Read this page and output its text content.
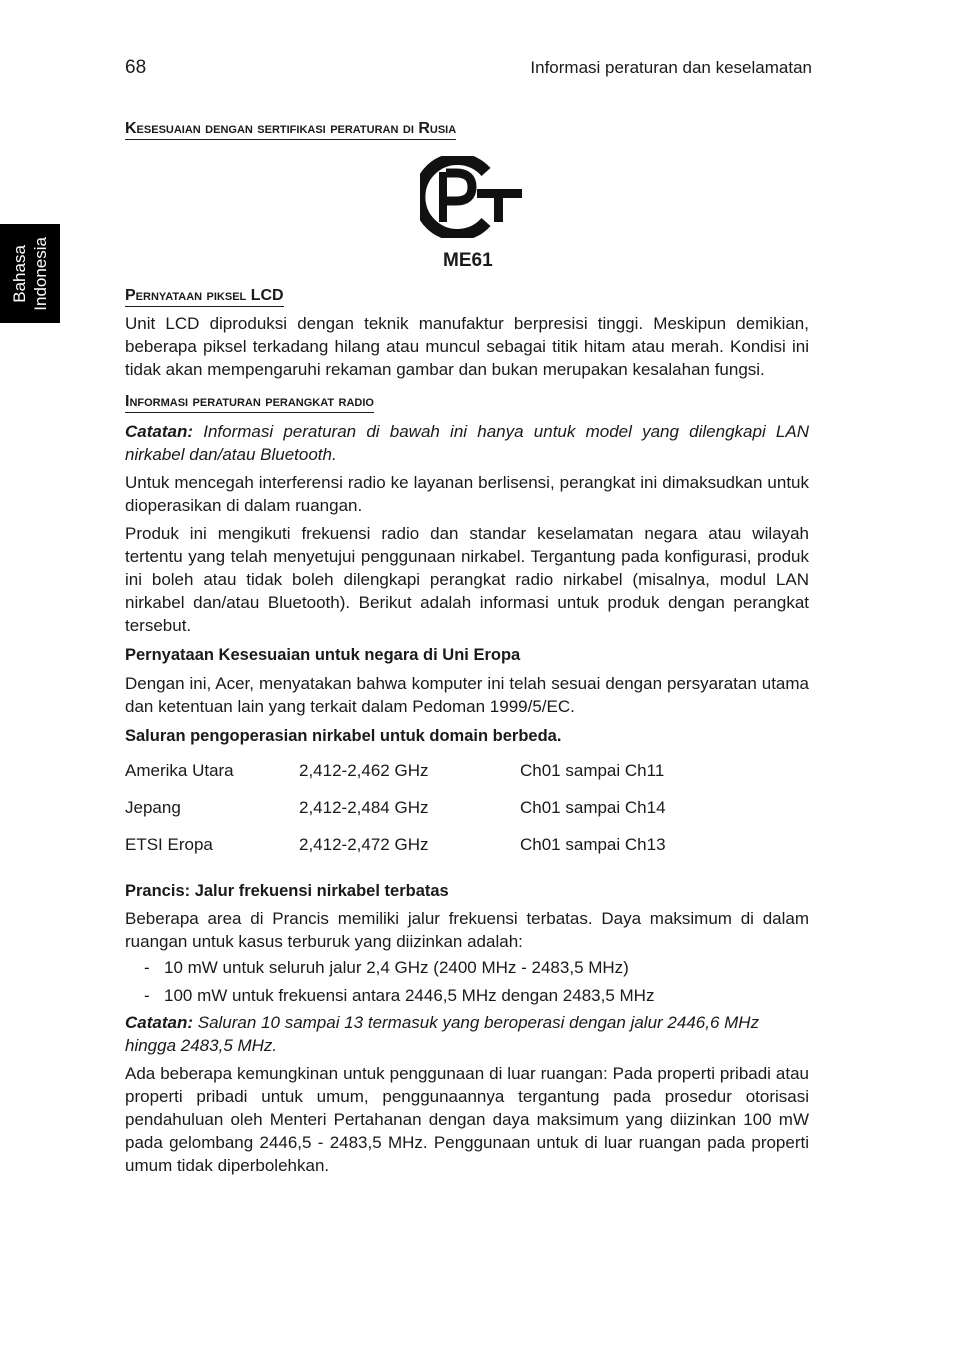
68	Informasi peraturan dan keselamatan
Bahasa
Indonesia
Kesesuaian dengan sertifikasi peraturan di Rusia
ME61
Pernyataan piksel LCD

Unit LCD diproduksi dengan teknik manufaktur berpresisi tinggi. Meskipun demikian, beberapa piksel terkadang hilang atau muncul sebagai titik hitam atau merah. Kondisi ini tidak akan mempengaruhi rekaman gambar dan bukan merupakan kesalahan fungsi.

Informasi peraturan perangkat radio

Catatan: Informasi peraturan di bawah ini hanya untuk model yang dilengkapi LAN nirkabel dan/atau Bluetooth.

Untuk mencegah interferensi radio ke layanan berlisensi, perangkat ini dimaksudkan untuk dioperasikan di dalam ruangan.

Produk ini mengikuti frekuensi radio dan standar keselamatan negara atau wilayah tertentu yang telah menyetujui penggunaan nirkabel. Tergantung pada konfigurasi, produk ini boleh atau tidak boleh dilengkapi perangkat radio nirkabel (misalnya, modul LAN nirkabel dan/atau Bluetooth). Berikut adalah informasi untuk produk dengan perangkat tersebut.

Pernyataan Kesesuaian untuk negara di Uni Eropa

Dengan ini, Acer, menyatakan bahwa komputer ini telah sesuai dengan persyaratan utama dan ketentuan lain yang terkait dalam Pedoman 1999/5/EC.

Saluran pengoperasian nirkabel untuk domain berbeda.
Amerika Utara	2,412-2,462 GHz	Ch01 sampai Ch11
Jepang	2,412-2,484 GHz	Ch01 sampai Ch14
ETSI Eropa	2,412-2,472 GHz	Ch01 sampai Ch13
Prancis: Jalur frekuensi nirkabel terbatas

Beberapa area di Prancis memiliki jalur frekuensi terbatas. Daya maksimum di dalam ruangan untuk kasus terburuk yang diizinkan adalah:

- 10 mW untuk seluruh jalur 2,4 GHz (2400 MHz - 2483,5 MHz)
- 100 mW untuk frekuensi antara 2446,5 MHz dengan 2483,5 MHz

Catatan: Saluran 10 sampai 13 termasuk yang beroperasi dengan jalur 2446,6 MHz hingga 2483,5 MHz.

Ada beberapa kemungkinan untuk penggunaan di luar ruangan: Pada properti pribadi atau properti pribadi untuk umum, penggunaannya tergantung pada prosedur otorisasi pendahuluan oleh Menteri Pertahanan dengan daya maksimum yang diizinkan 100 mW pada gelombang 2446,5 - 2483,5 MHz. Penggunaan untuk di luar ruangan pada properti umum tidak diperbolehkan.
